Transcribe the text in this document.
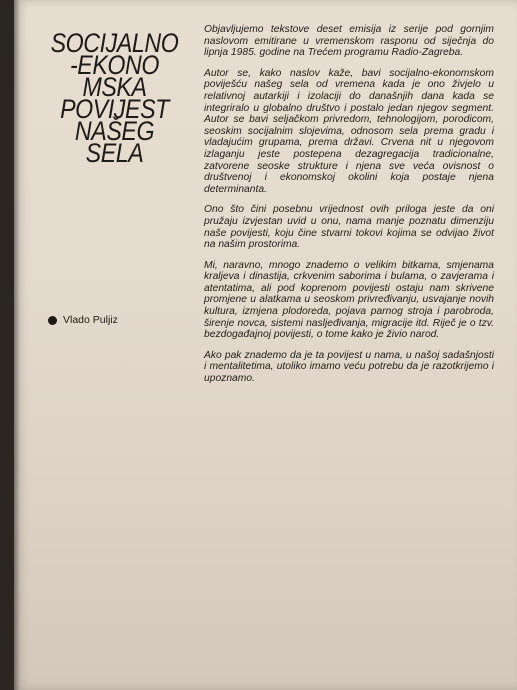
SOCIJALNO
-EKONO
MSKA
POVIJEST
NAŠEG
SELA
Vlado Puljiz

Objavljujemo tekstove deset emisija iz serije pod gornjim naslovom emitirane u vremenskom rasponu od siječnja do lipnja 1985. godine na Trećem programu Radio-Zagreba.

Autor se, kako naslov kaže, bavi socijalno-ekonomskom poviješću našeg sela od vremena kada je ono živjelo u relativnoj autarkiji i izolaciji do današnjih dana kada se integriralo u globalno društvo i postalo jedan njegov segment. Autor se bavi seljačkom privredom, tehnologijom, porodicom, seoskim socijalnim slojevima, odnosom sela prema gradu i vladajućim grupama, prema državi. Crvena nit u njegovom izlaganju jeste postepena dezagregacija tradicionalne, zatvorene seoske strukture i njena sve veća ovisnost o društvenoj i ekonomskoj okolini koja postaje njena determinanta.

Ono što čini posebnu vrijednost ovih priloga jeste da oni pružaju izvjestan uvid u onu, nama manje poznatu dimenziju naše povijesti, koju čine stvarni tokovi kojima se odvijao život na našim prostorima.

Mi, naravno, mnogo znademo o velikim bitkama, smjenama kraljeva i dinastija, crkvenim saborima i bulama, o zavjerama i atentatima, ali pod koprenom povijesti ostaju nam skrivene promjene u alatkama u seoskom privređivanju, usvajanje novih kultura, izmjena plodoreda, pojava parnog stroja i parobroda, širenje novca, sistemi nasljeđivanja, migracije itd. Riječ je o tzv. bezdogađajnoj povijesti, o tome kako je živio narod.

Ako pak znademo da je ta povijest u nama, u našoj sadašnjosti i mentalitetima, utoliko imamo veću potrebu da je razotkrijemo i upoznamo.
